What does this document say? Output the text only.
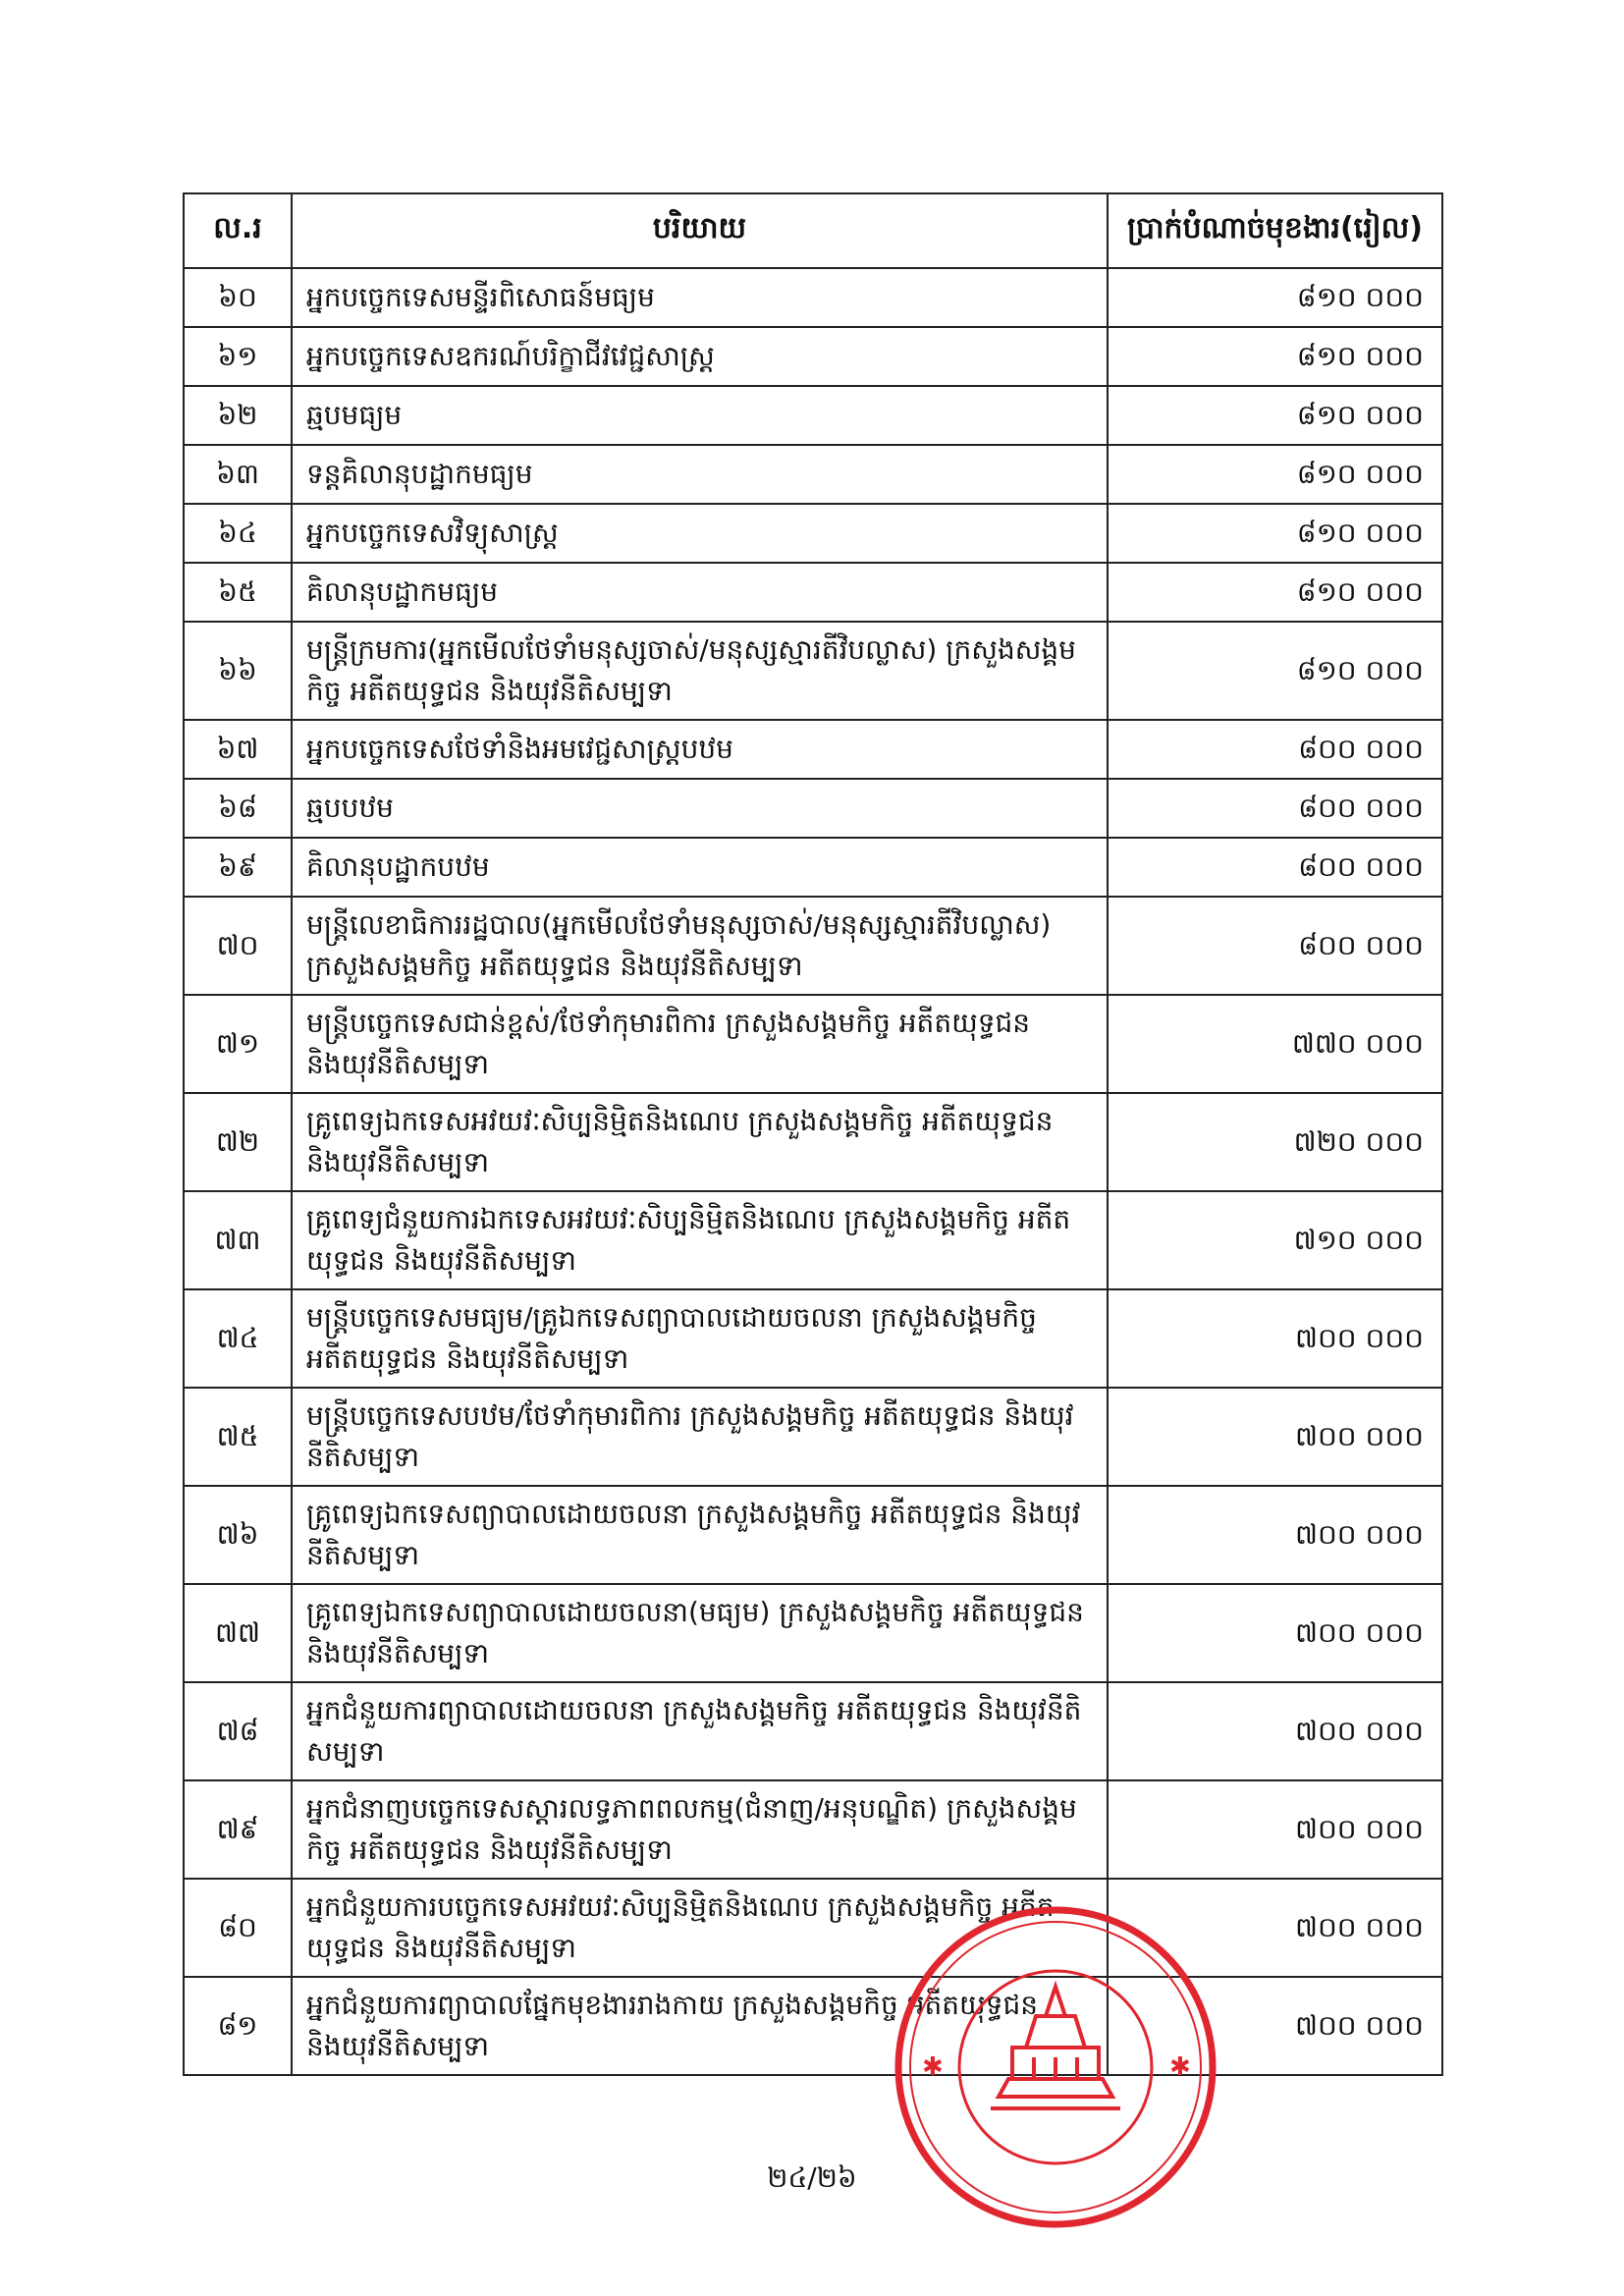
ល.រ	បរិយាយ	ប្រាក់បំណាច់មុខងារ(រៀល)
៦០	អ្នកបច្ចេកទេសមន្ទីរពិសោធន៍មធ្យម	៨១០ ០០០
៦១	អ្នកបច្ចេកទេសឧករណ៍បរិក្ខាជីវវេជ្ជសាស្ត្រ	៨១០ ០០០
៦២	ឆ្មបមធ្យម	៨១០ ០០០
៦៣	ទន្តគិលានុបដ្ឋាកមធ្យម	៨១០ ០០០
៦៤	អ្នកបច្ចេកទេសវិទ្យុសាស្ត្រ	៨១០ ០០០
៦៥	គិលានុបដ្ឋាកមធ្យម	៨១០ ០០០
៦៦	មន្ត្រីក្រមការ(អ្នកមើលថែទាំមនុស្សចាស់/មនុស្សស្មារតីវិបល្លាស) ក្រសួងសង្គមកិច្ច អតីតយុទ្ធជន និងយុវនីតិសម្បទា	៨១០ ០០០
៦៧	អ្នកបច្ចេកទេសថែទាំនិងអមវេជ្ជសាស្ត្របឋម	៨០០ ០០០
៦៨	ឆ្មបបឋម	៨០០ ០០០
៦៩	គិលានុបដ្ឋាកបឋម	៨០០ ០០០
៧០	មន្ត្រីលេខាធិការរដ្ឋបាល(អ្នកមើលថែទាំមនុស្សចាស់/មនុស្សស្មារតីវិបល្លាស) ក្រសួងសង្គមកិច្ច អតីតយុទ្ធជន និងយុវនីតិសម្បទា	៨០០ ០០០
៧១	មន្ត្រីបច្ចេកទេសជាន់ខ្ពស់/ថែទាំកុមារពិការ ក្រសួងសង្គមកិច្ច អតីតយុទ្ធជន និងយុវនីតិសម្បទា	៧៧០ ០០០
៧២	គ្រូពេទ្យឯកទេសអវយវៈសិប្បនិម្មិតនិងណេប ក្រសួងសង្គមកិច្ច អតីតយុទ្ធជន និងយុវនីតិសម្បទា	៧២០ ០០០
៧៣	គ្រូពេទ្យជំនួយការឯកទេសអវយវៈសិប្បនិម្មិតនិងណេប ក្រសួងសង្គមកិច្ច អតីតយុទ្ធជន និងយុវនីតិសម្បទា	៧១០ ០០០
៧៤	មន្ត្រីបច្ចេកទេសមធ្យម/គ្រូឯកទេសព្យាបាលដោយចលនា ក្រសួងសង្គមកិច្ច អតីតយុទ្ធជន និងយុវនីតិសម្បទា	៧០០ ០០០
៧៥	មន្ត្រីបច្ចេកទេសបឋម/ថែទាំកុមារពិការ ក្រសួងសង្គមកិច្ច អតីតយុទ្ធជន និងយុវនីតិសម្បទា	៧០០ ០០០
៧៦	គ្រូពេទ្យឯកទេសព្យាបាលដោយចលនា ក្រសួងសង្គមកិច្ច អតីតយុទ្ធជន និងយុវនីតិសម្បទា	៧០០ ០០០
៧៧	គ្រូពេទ្យឯកទេសព្យាបាលដោយចលនា(មធ្យម) ក្រសួងសង្គមកិច្ច អតីតយុទ្ធជន និងយុវនីតិសម្បទា	៧០០ ០០០
៧៨	អ្នកជំនួយការព្យាបាលដោយចលនា ក្រសួងសង្គមកិច្ច អតីតយុទ្ធជន និងយុវនីតិសម្បទា	៧០០ ០០០
៧៩	អ្នកជំនាញបច្ចេកទេសស្តារលទ្ធភាពពលកម្ម(ជំនាញ/អនុបណ្ឌិត) ក្រសួងសង្គមកិច្ច អតីតយុទ្ធជន និងយុវនីតិសម្បទា	៧០០ ០០០
៨០	អ្នកជំនួយការបច្ចេកទេសអវយវៈសិប្បនិម្មិតនិងណេប ក្រសួងសង្គមកិច្ច អតីតយុទ្ធជន និងយុវនីតិសម្បទា	៧០០ ០០០
៨១	អ្នកជំនួយការព្យាបាលផ្នែកមុខងាររាងកាយ ក្រសួងសង្គមកិច្ច អតីតយុទ្ធជន និងយុវនីតិសម្បទា	៧០០ ០០០
✱	✱
២៤/២៦
